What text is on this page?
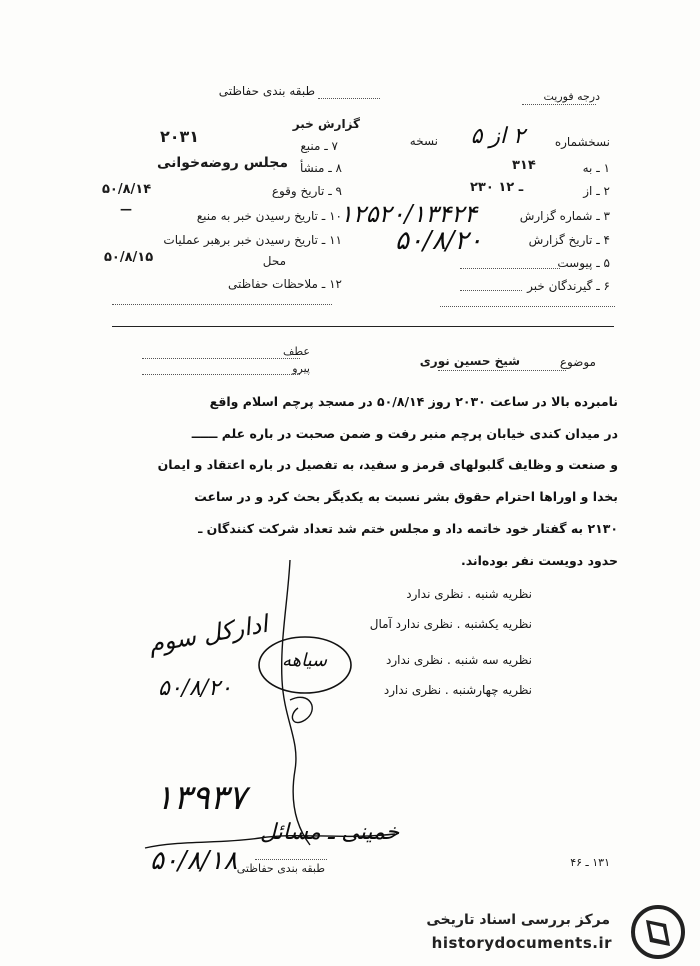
طبقه بندی حفاظتی	درجه فوریت
گزارش خبر
نسخشماره
۲ از ۵
نسخه
۲۰۳۱
۱ ـ به
۳۱۴
۲ ـ از
۲۳۰ ـ ۱۲
۳ ـ شماره گزارش
۱۲۵۲۰/۱۳۴۲۴
۴ ـ تاریخ گزارش
۵۰/۸/۲۰
۵ ـ پیوست
۶ ـ گیرندگان خبر
۷ ـ منبع
۸ ـ منشأ
مجلس روضه‌خوانی
۹ ـ تاریخ وقوع
۵۰/۸/۱۴
۱۰ ـ تاریخ رسیدن خبر به منبع
—
۱۱ ـ تاریخ رسیدن خبر برهبر عملیات
محل
۵۰/۸/۱۵
۱۲ ـ ملاحظات حفاظتی
عطف
پیرو	موضوع
شیخ حسین نوری
نامبرده بالا در ساعت ۲۰۳۰ روز ۵۰/۸/۱۴ در مسجد پرچم اسلام واقع
در میدان کندی خیابان پرچم منبر رفت و ضمن صحبت در باره علم ــــــ
و صنعت و وظایف گلبولهای قرمز و سفید، به تفصیل در باره اعتقاد و ایمان
بخدا و اوراها احترام حقوق بشر نسبت به یکدیگر بحث کرد و در ساعت
۲۱۳۰ به گفتار خود خاتمه داد و مجلس ختم شد تعداد شرکت کنندگان ـ
حدود دویست نفر بوده‌اند.
نظریه شنبه . نظری ندارد
نظریه یکشنبه . نظری ندارد آمال
نظریه سه شنبه . نظری ندارد
نظریه چهارشنبه . نظری ندارد
ادارکل سوم
۵۰/۸/۲۰
سیاهه
۱۳۹۳۷
خمینی ـ مسائل
۵۰/۸/۱۸ طبقه بندی حفاظتی	۱۳۱ ـ ۴۶
مرکز بررسی اسناد تاریخی
historydocuments.ir
